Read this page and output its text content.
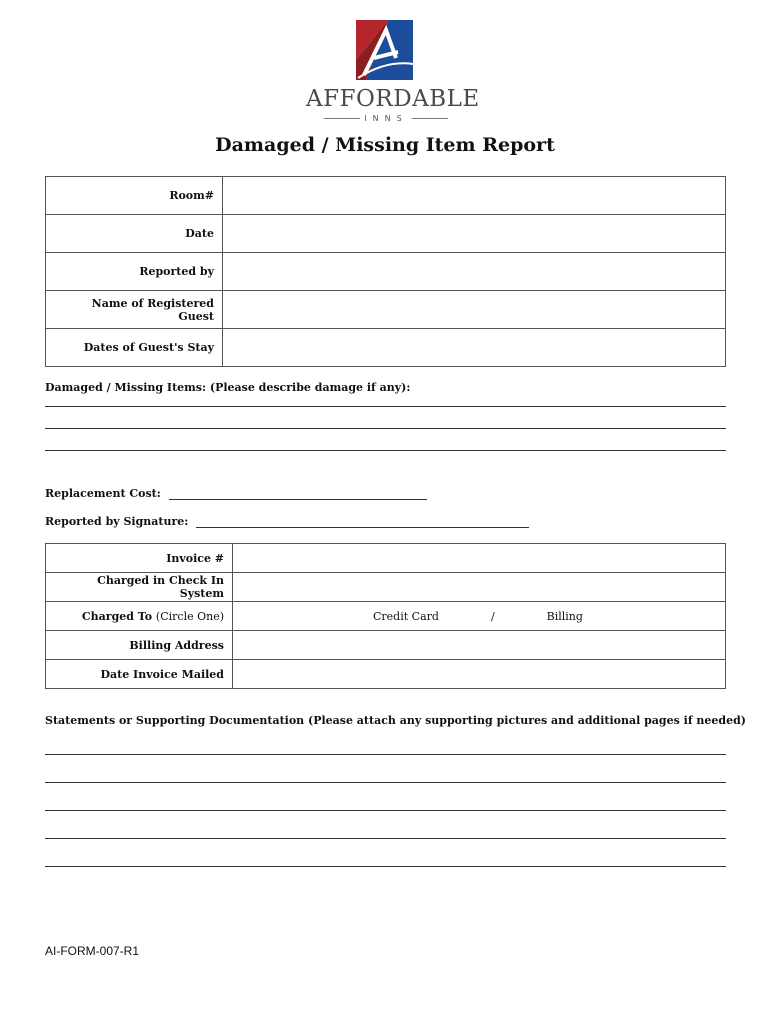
AFFORDABLE
INNS
Damaged / Missing Item Report
Room#	
Date	
Reported by	
Name of Registered Guest	
Dates of Guest's Stay	
Damaged / Missing Items: (Please describe damage if any):
Replacement Cost:
Reported by Signature:
Invoice #	
Charged in Check In System	
Charged To (Circle One)	Credit Card / Billing

Billing Address	
Date Invoice Mailed	
Statements or Supporting Documentation (Please attach any supporting pictures and additional pages if needed)
AI-FORM-007-R1
